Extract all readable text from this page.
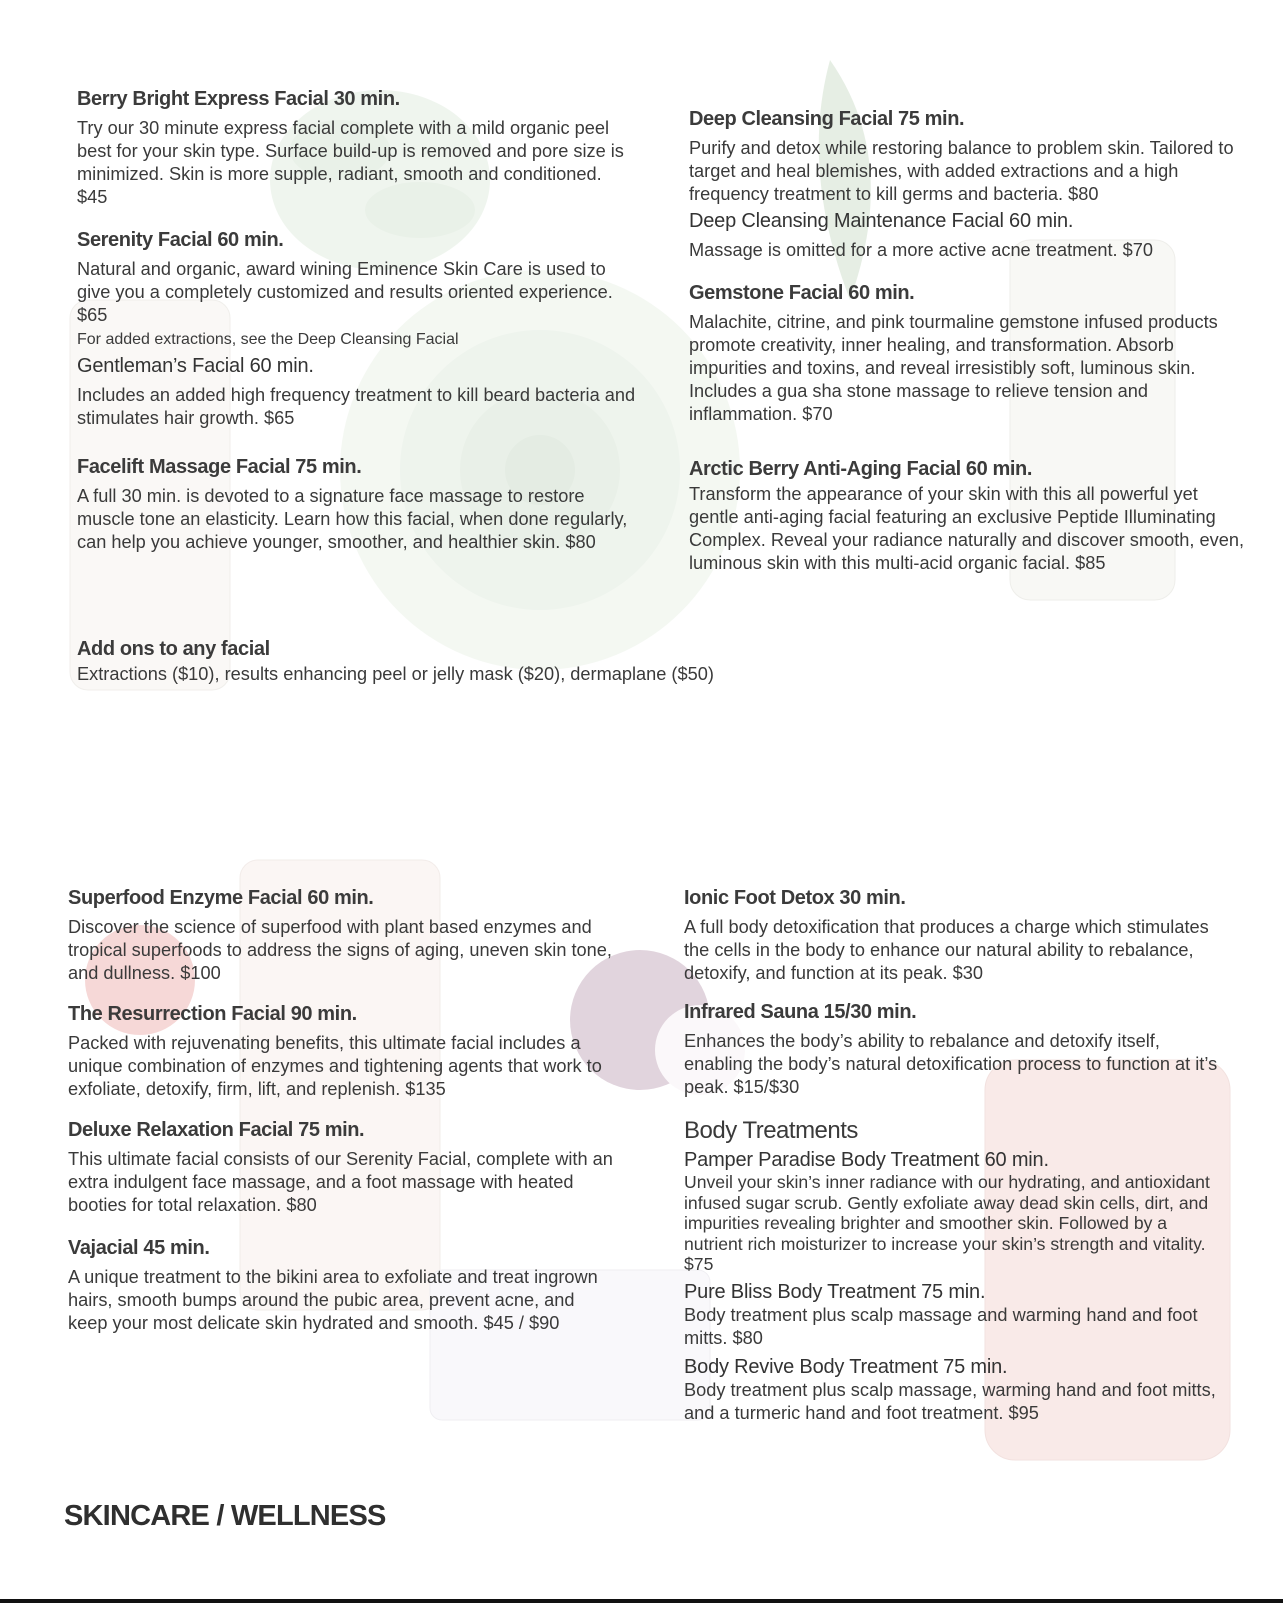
Berry Bright Express Facial 30 min.

Try our 30 minute express facial complete with a mild organic peel best for your skin type. Surface build-up is removed and pore size is minimized. Skin is more supple, radiant, smooth and conditioned. $45

Serenity Facial 60 min.

Natural and organic, award wining Eminence Skin Care is used to give you a completely customized and results oriented experience. $65

For added extractions, see the Deep Cleansing Facial

Gentleman’s Facial 60 min.

Includes an added high frequency treatment to kill beard bacteria and stimulates hair growth. $65

Facelift Massage Facial 75 min.

A full 30 min. is devoted to a signature face massage to restore muscle tone an elasticity. Learn how this facial, when done regularly, can help you achieve younger, smoother, and healthier skin. $80

Deep Cleansing Facial 75 min.

Purify and detox while restoring balance to problem skin. Tailored to target and heal blemishes, with added extractions and a high frequency treatment to kill germs and bacteria. $80

Deep Cleansing Maintenance Facial 60 min.

Massage is omitted for a more active acne treatment. $70

Gemstone Facial 60 min.

Malachite, citrine, and pink tourmaline gemstone infused products promote creativity, inner healing, and transformation. Absorb impurities and toxins, and reveal irresistibly soft, luminous skin. Includes a gua sha stone massage to relieve tension and inflammation. $70

Arctic Berry Anti-Aging Facial 60 min.

Transform the appearance of your skin with this all powerful yet gentle anti-aging facial featuring an exclusive Peptide Illuminating Complex. Reveal your radiance naturally and discover smooth, even, luminous skin with this multi-acid organic facial. $85

Add ons to any facial

Extractions ($10), results enhancing peel or jelly mask ($20), dermaplane ($50)

Superfood Enzyme Facial 60 min.

Discover the science of superfood with plant based enzymes and tropical superfoods to address the signs of aging, uneven skin tone, and dullness. $100

The Resurrection Facial 90 min.

Packed with rejuvenating benefits, this ultimate facial includes a unique combination of enzymes and tightening agents that work to exfoliate, detoxify, firm, lift, and replenish. $135

Deluxe Relaxation Facial 75 min.

This ultimate facial consists of our Serenity Facial, complete with an extra indulgent face massage, and a foot massage with heated booties for total relaxation. $80

Vajacial 45 min.

A unique treatment to the bikini area to exfoliate and treat ingrown hairs, smooth bumps around the pubic area, prevent acne, and keep your most delicate skin hydrated and smooth. $45 / $90

Ionic Foot Detox 30 min.

A full body detoxification that produces a charge which stimulates the cells in the body to enhance our natural ability to rebalance, detoxify, and function at its peak. $30

Infrared Sauna 15/30 min.

Enhances the body’s ability to rebalance and detoxify itself, enabling the body’s natural detoxification process to function at it’s peak. $15/$30

Body Treatments
Pamper Paradise Body Treatment 60 min.

Unveil your skin’s inner radiance with our hydrating, and antioxidant infused sugar scrub. Gently exfoliate away dead skin cells, dirt, and impurities revealing brighter and smoother skin. Followed by a nutrient rich moisturizer to increase your skin’s strength and vitality. $75

Pure Bliss Body Treatment 75 min.

Body treatment plus scalp massage and warming hand and foot mitts. $80

Body Revive Body Treatment 75 min.

Body treatment plus scalp massage, warming hand and foot mitts, and a turmeric hand and foot treatment. $95

SKINCARE / WELLNESS
